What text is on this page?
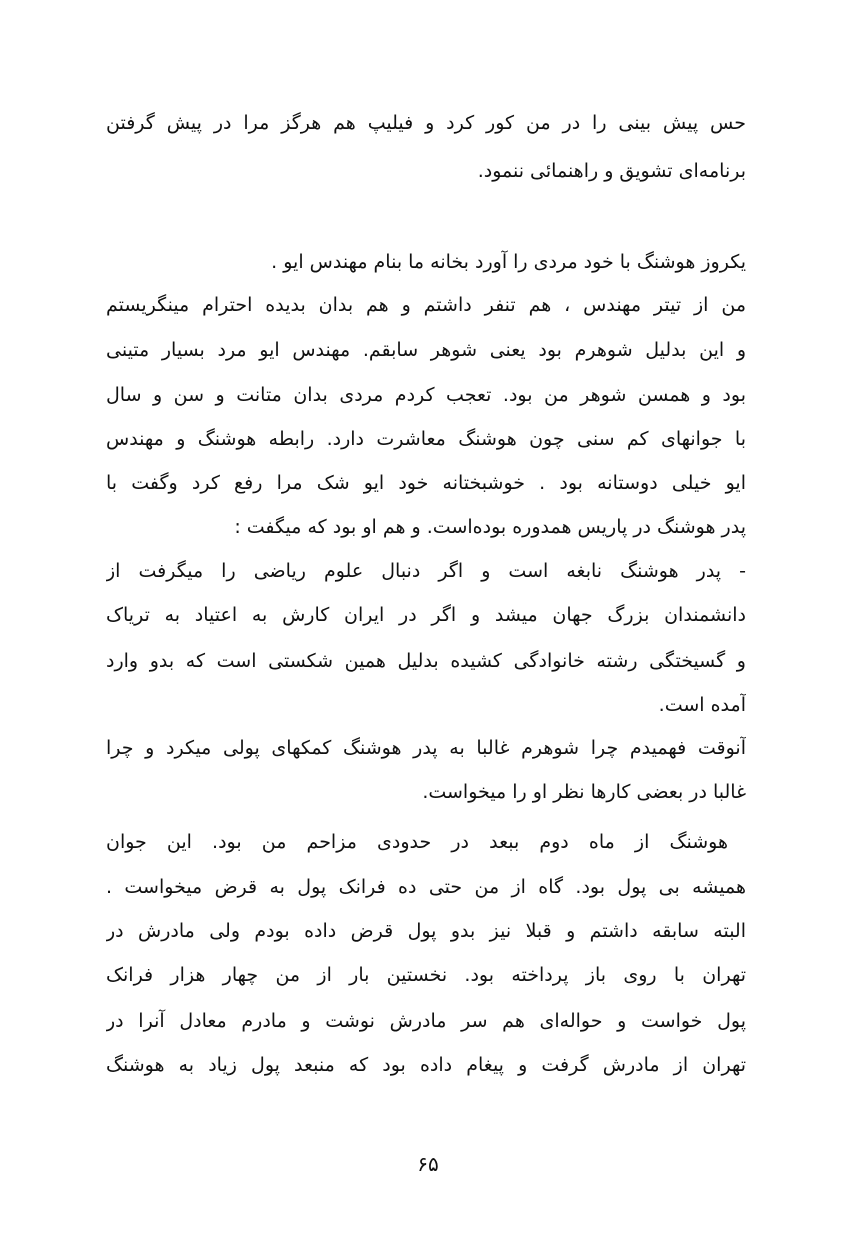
حس پیش بینی را در من کور کرد و فیلیپ هم هرگز مرا در پیش گرفتن
برنامه‌ای تشویق و راهنمائی ننمود.
یکروز هوشنگ با خود مردی را آورد بخانه ما بنام مهندس ایو .
من از تیتر مهندس ، هم تنفر داشتم و هم بدان بدیده احترام مینگریستم
و این بدلیل شوهرم بود یعنی شوهر سابقم. مهندس ایو مرد بسیار متینی
بود و همسن شوهر من بود. تعجب کردم مردی بدان متانت و سن و سال
با جوانهای کم سنی چون هوشنگ معاشرت دارد. رابطه هوشنگ و مهندس
ایو خیلی دوستانه بود . خوشبختانه خود ایو شک مرا رفع کرد وگفت با
پدر هوشنگ در پاریس همدوره بوده‌است. و هم او بود که میگفت :
- پدر هوشنگ نابغه است و اگر دنبال علوم ریاضی را میگرفت از
دانشمندان بزرگ جهان میشد و اگر در ایران کارش به اعتیاد به تریاک
و گسیختگی رشته خانوادگی کشیده بدلیل همین شکستی است که بدو وارد
آمده است.
آنوقت فهمیدم چرا شوهرم غالبا به پدر هوشنگ کمکهای پولی میکرد و چرا
غالبا در بعضی کارها نظر او را میخواست.
هوشنگ از ماه دوم ببعد در حدودی مزاحم من بود. این جوان
همیشه بی پول بود. گاه از من حتی ده فرانک پول به قرض میخواست .
البته سابقه داشتم و قبلا نیز بدو پول قرض داده بودم ولی مادرش در
تهران با روی باز پرداخته بود. نخستین بار از من چهار هزار فرانک
پول خواست و حواله‌ای هم سر مادرش نوشت و مادرم معادل آنرا در
تهران از مادرش گرفت و پیغام داده بود که منبعد پول زیاد به هوشنگ
۶۵
